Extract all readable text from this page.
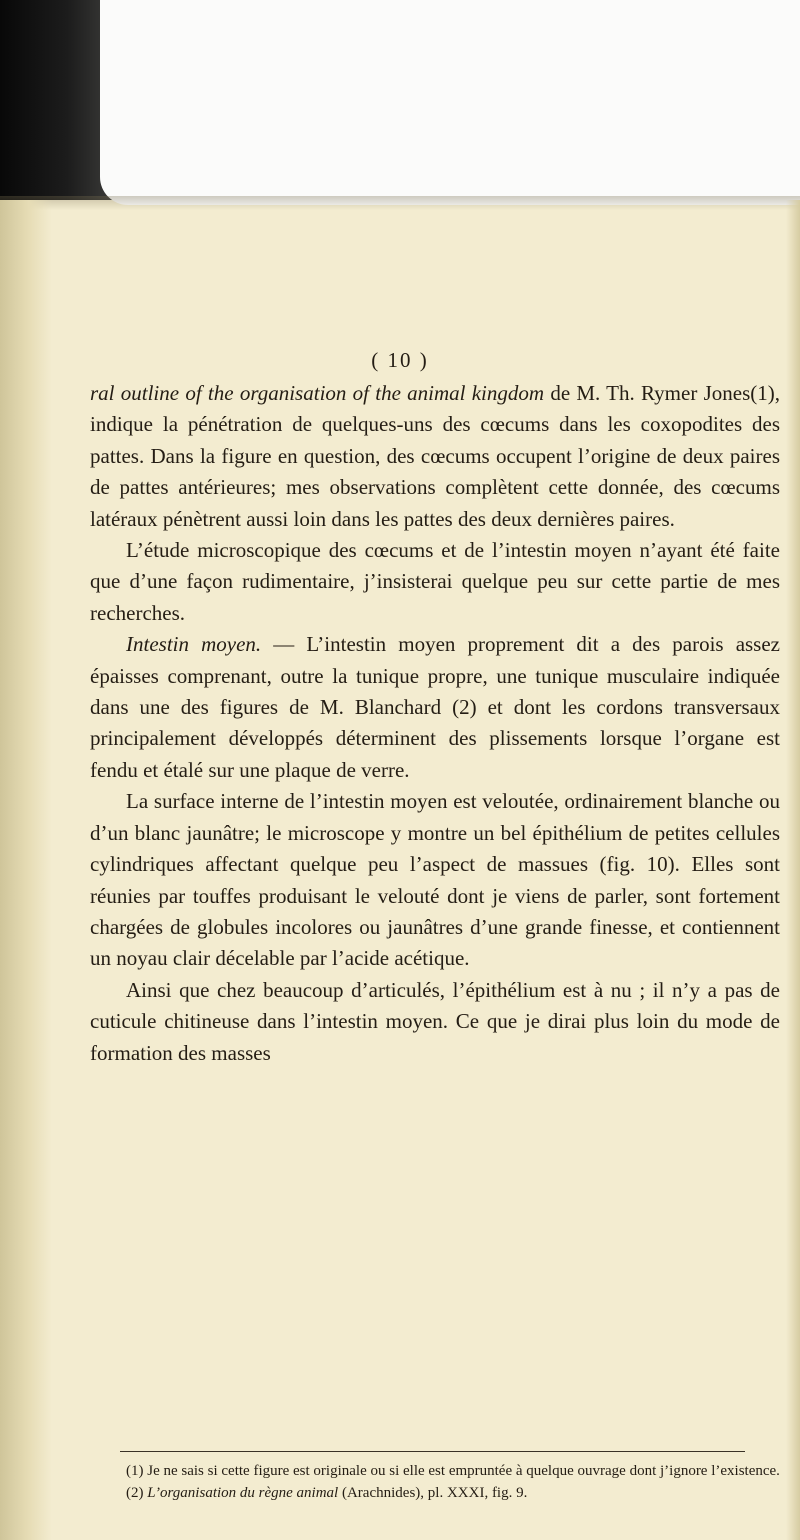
( 10 )

ral outline of the organisation of the animal kingdom de M. Th. Rymer Jones(1), indique la pénétration de quelques-uns des cœcums dans les coxopodites des pattes. Dans la figure en question, des cœcums occupent l’origine de deux paires de pattes antérieures; mes observations complètent cette donnée, des cœcums latéraux pénètrent aussi loin dans les pattes des deux dernières paires.

L’étude microscopique des cœcums et de l’intestin moyen n’ayant été faite que d’une façon rudimentaire, j’insisterai quelque peu sur cette partie de mes recherches.

Intestin moyen. — L’intestin moyen proprement dit a des parois assez épaisses comprenant, outre la tunique propre, une tunique musculaire indiquée dans une des figures de M. Blanchard (2) et dont les cordons transversaux principalement développés déterminent des plissements lorsque l’organe est fendu et étalé sur une plaque de verre.

La surface interne de l’intestin moyen est veloutée, ordinairement blanche ou d’un blanc jaunâtre; le microscope y montre un bel épithélium de petites cellules cylindriques affectant quelque peu l’aspect de massues (fig. 10). Elles sont réunies par touffes produisant le velouté dont je viens de parler, sont fortement chargées de globules incolores ou jaunâtres d’une grande finesse, et contiennent un noyau clair décelable par l’acide acétique.

Ainsi que chez beaucoup d’articulés, l’épithélium est à nu ; il n’y a pas de cuticule chitineuse dans l’intestin moyen. Ce que je dirai plus loin du mode de formation des masses

(1) Je ne sais si cette figure est originale ou si elle est empruntée à quelque ouvrage dont j’ignore l’existence.

(2) L’organisation du règne animal (Arachnides), pl. XXXI, fig. 9.
